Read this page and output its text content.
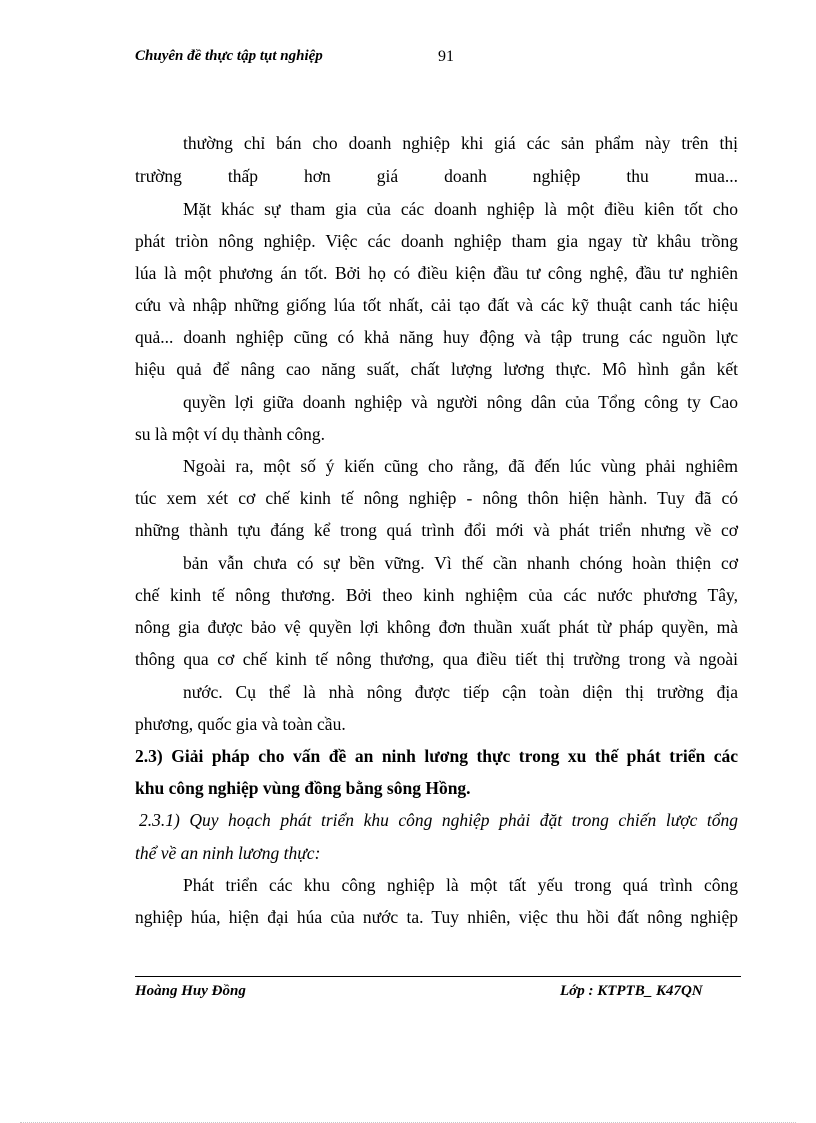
Chuyên đề thực tập tụt nghiệp	91
thường chỉ bán cho doanh nghiệp khi giá các sản phẩm này trên thị
trường thấp hơn giá doanh nghiệp thu mua...
Mặt khác sự tham gia của các doanh nghiệp là một điều kiên tốt cho
phát triòn nông nghiệp. Việc các doanh nghiệp tham gia ngay từ khâu trồng
lúa là một phương án tốt. Bởi họ có điều kiện đầu tư công nghệ, đầu tư nghiên
cứu và nhập những giống lúa tốt nhất, cải tạo đất và các kỹ thuật canh tác hiệu
quả... doanh nghiệp cũng có khả năng huy động và tập trung các nguồn lực
hiệu quả để nâng cao năng suất, chất lượng lương thực. Mô hình gắn kết
quyền lợi giữa doanh nghiệp và người nông dân của Tổng công ty Cao
su là một ví dụ thành công.
Ngoài ra, một số ý kiến cũng cho rằng, đã đến lúc vùng phải nghiêm
túc xem xét cơ chế kinh tế nông nghiệp - nông thôn hiện hành. Tuy đã có
những thành tựu đáng kể trong quá trình đổi mới và phát triển nhưng về cơ
bản vẫn chưa có sự bền vững. Vì thế cần nhanh chóng hoàn thiện cơ
chế kinh tế nông thương. Bởi theo kinh nghiệm của các nước phương Tây,
nông gia được bảo vệ quyền lợi không đơn thuần xuất phát từ pháp quyền, mà
thông qua cơ chế kinh tế nông thương, qua điều tiết thị trường trong và ngoài
nước. Cụ thể là nhà nông được tiếp cận toàn diện thị trường địa
phương, quốc gia và toàn cầu.
2.3) Giải pháp cho vấn đề an ninh lương thực trong xu thế phát triển các
khu công nghiệp vùng đồng bằng sông Hồng.
2.3.1) Quy hoạch phát triển khu công nghiệp phải đặt trong chiến lược tổng
thể về an ninh lương thực:
Phát triển các khu công nghiệp là một tất yếu trong quá trình công
nghiệp húa, hiện đại húa của nước ta. Tuy nhiên, việc thu hồi đất nông nghiệp
Hoàng Huy Đồng	Lớp : KTPTB_ K47QN
